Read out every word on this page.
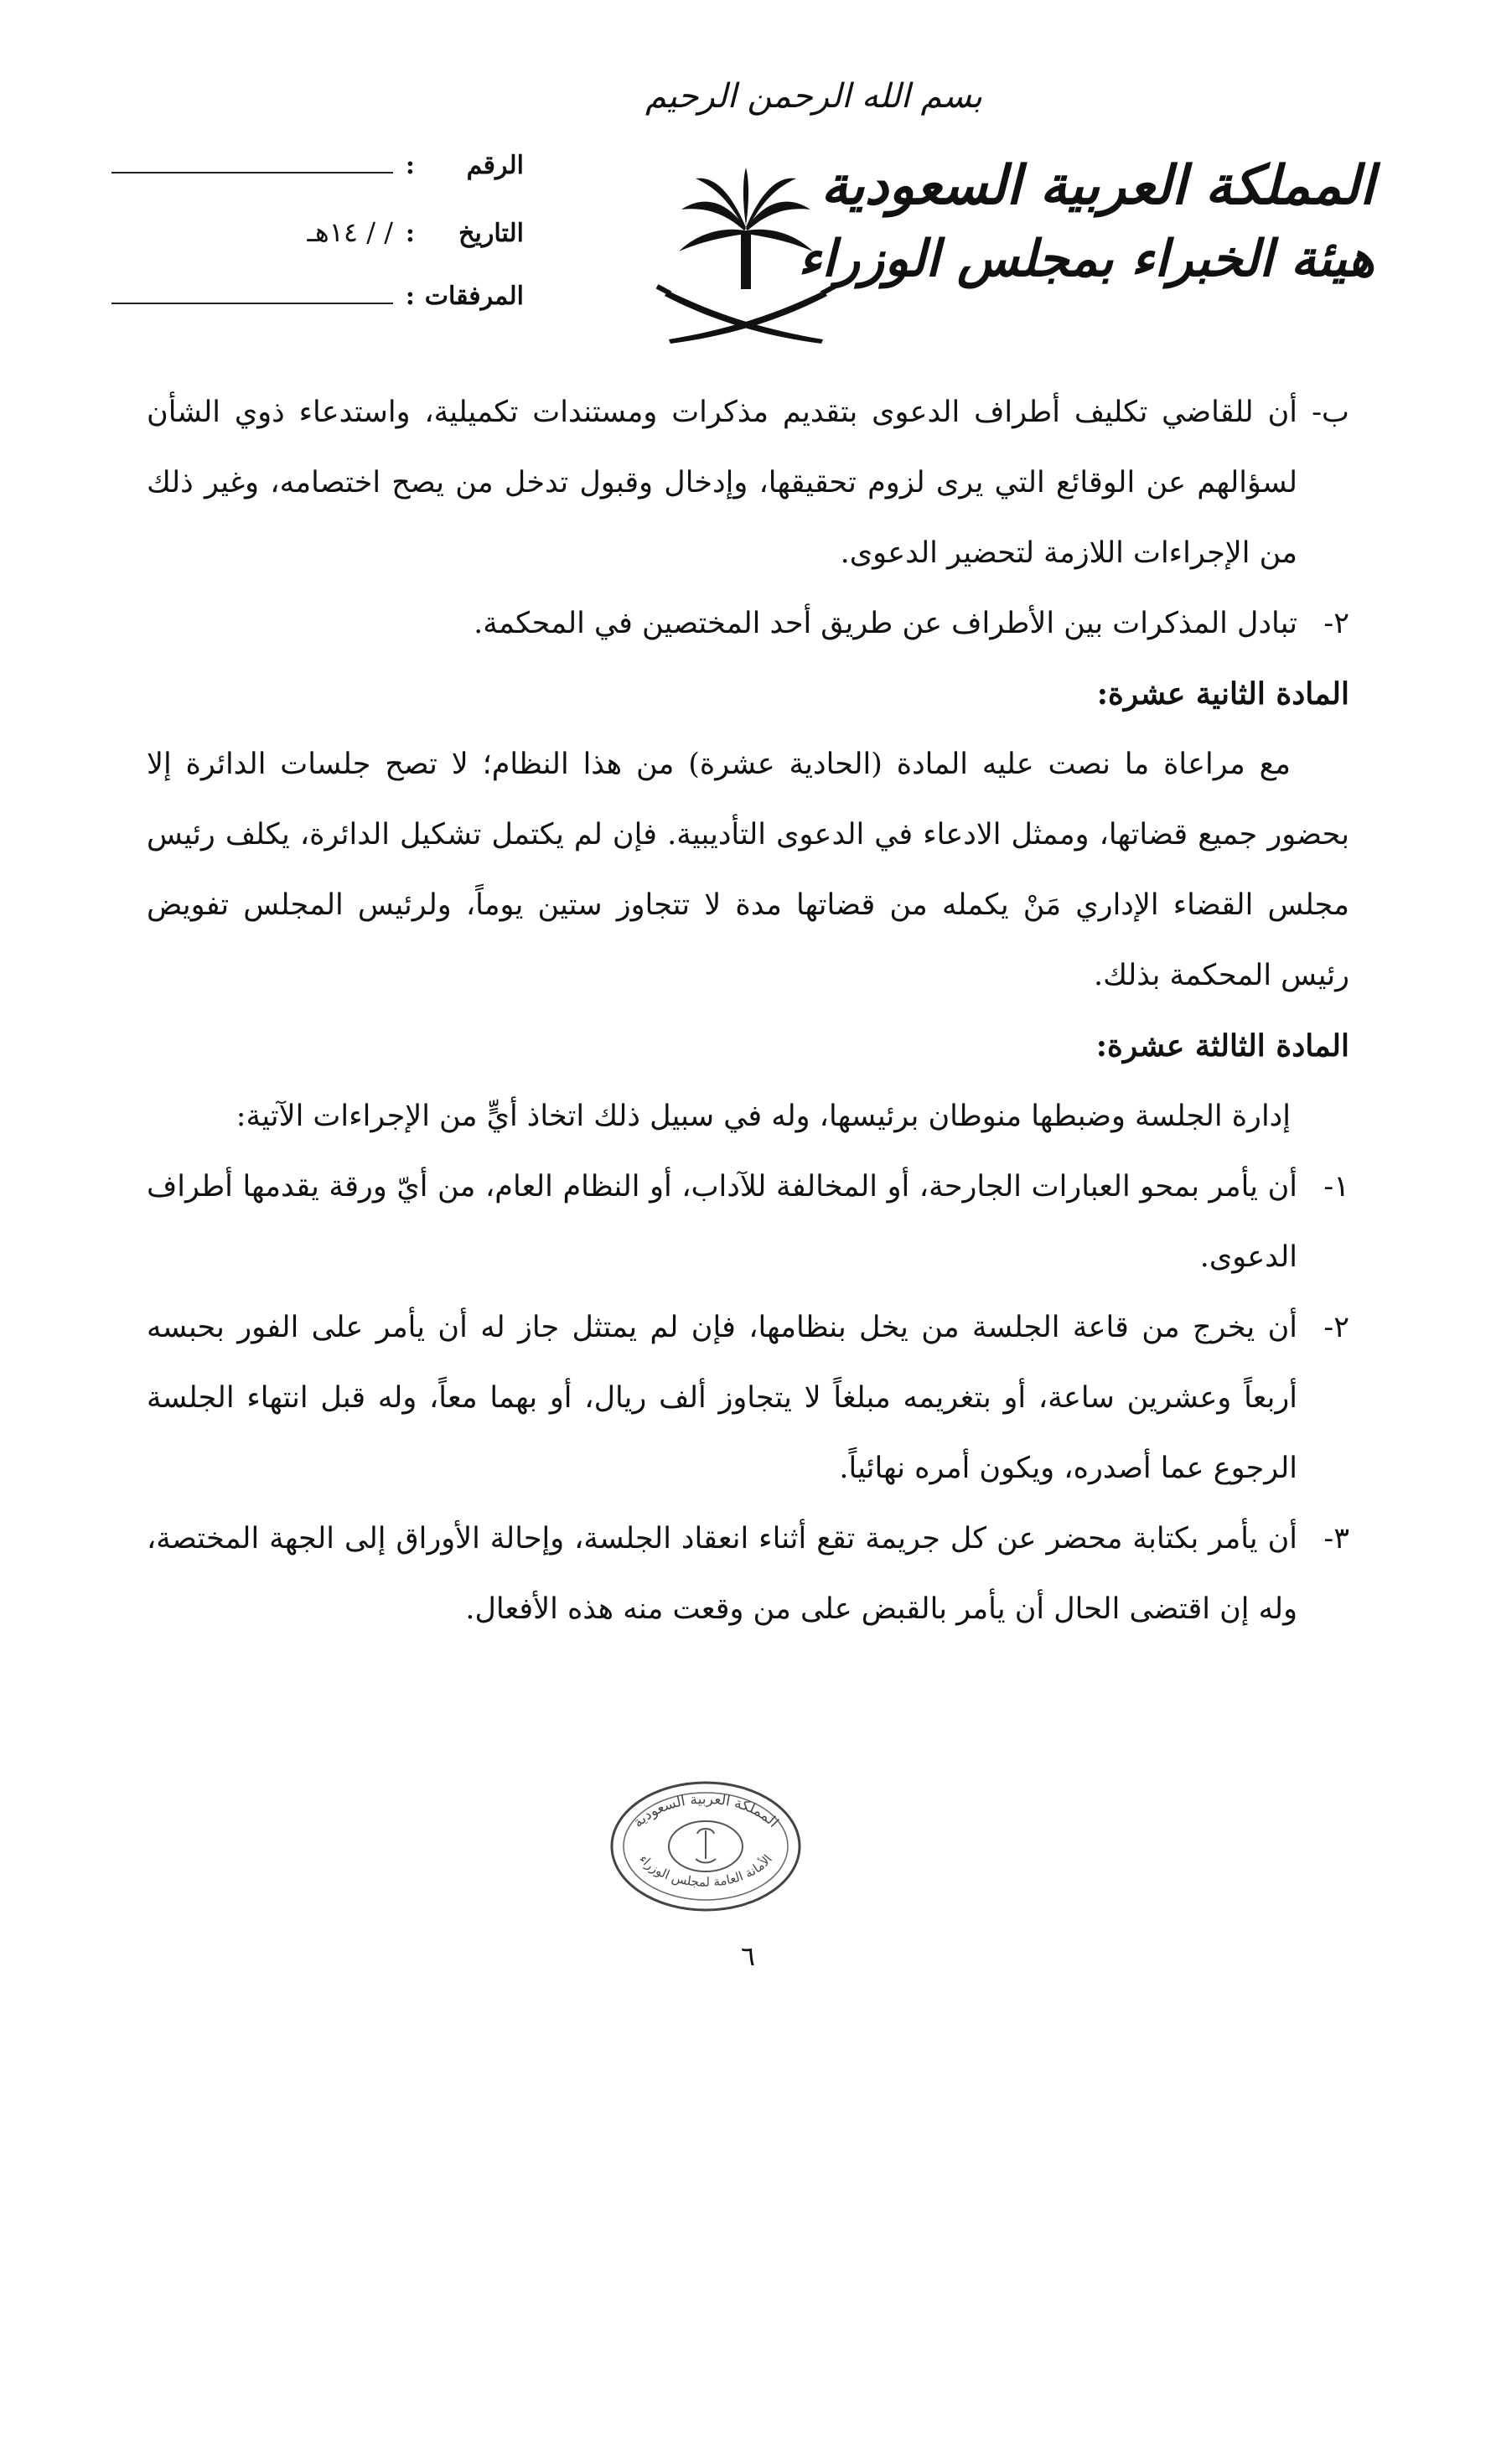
بسم الله الرحمن الرحيم
المملكة العربية السعودية
هيئة الخبراء بمجلس الوزراء
الرقم
:
التاريخ
:
/ / ١٤هـ
المرفقات
:
ب-
أن للقاضي تكليف أطراف الدعوى بتقديم مذكرات ومستندات تكميلية، واستدعاء ذوي الشأن لسؤالهم عن الوقائع التي يرى لزوم تحقيقها، وإدخال وقبول تدخل من يصح اختصامه، وغير ذلك من الإجراءات اللازمة لتحضير الدعوى.
٢-
تبادل المذكرات بين الأطراف عن طريق أحد المختصين في المحكمة.
المادة الثانية عشرة:
مع مراعاة ما نصت عليه المادة (الحادية عشرة) من هذا النظام؛ لا تصح جلسات الدائرة إلا بحضور جميع قضاتها، وممثل الادعاء في الدعوى التأديبية. فإن لم يكتمل تشكيل الدائرة، يكلف رئيس مجلس القضاء الإداري مَنْ يكمله من قضاتها مدة لا تتجاوز ستين يوماً، ولرئيس المجلس تفويض رئيس المحكمة بذلك.
المادة الثالثة عشرة:
إدارة الجلسة وضبطها منوطان برئيسها، وله في سبيل ذلك اتخاذ أيٍّ من الإجراءات الآتية:
١-
أن يأمر بمحو العبارات الجارحة، أو المخالفة للآداب، أو النظام العام، من أيّ ورقة يقدمها أطراف الدعوى.
٢-
أن يخرج من قاعة الجلسة من يخل بنظامها، فإن لم يمتثل جاز له أن يأمر على الفور بحبسه أربعاً وعشرين ساعة، أو بتغريمه مبلغاً لا يتجاوز ألف ريال، أو بهما معاً، وله قبل انتهاء الجلسة الرجوع عما أصدره، ويكون أمره نهائياً.
٣-
أن يأمر بكتابة محضر عن كل جريمة تقع أثناء انعقاد الجلسة، وإحالة الأوراق إلى الجهة المختصة، وله إن اقتضى الحال أن يأمر بالقبض على من وقعت منه هذه الأفعال.
المملكة العربية السعودية
الأمانة العامة لمجلس الوزراء
٦
